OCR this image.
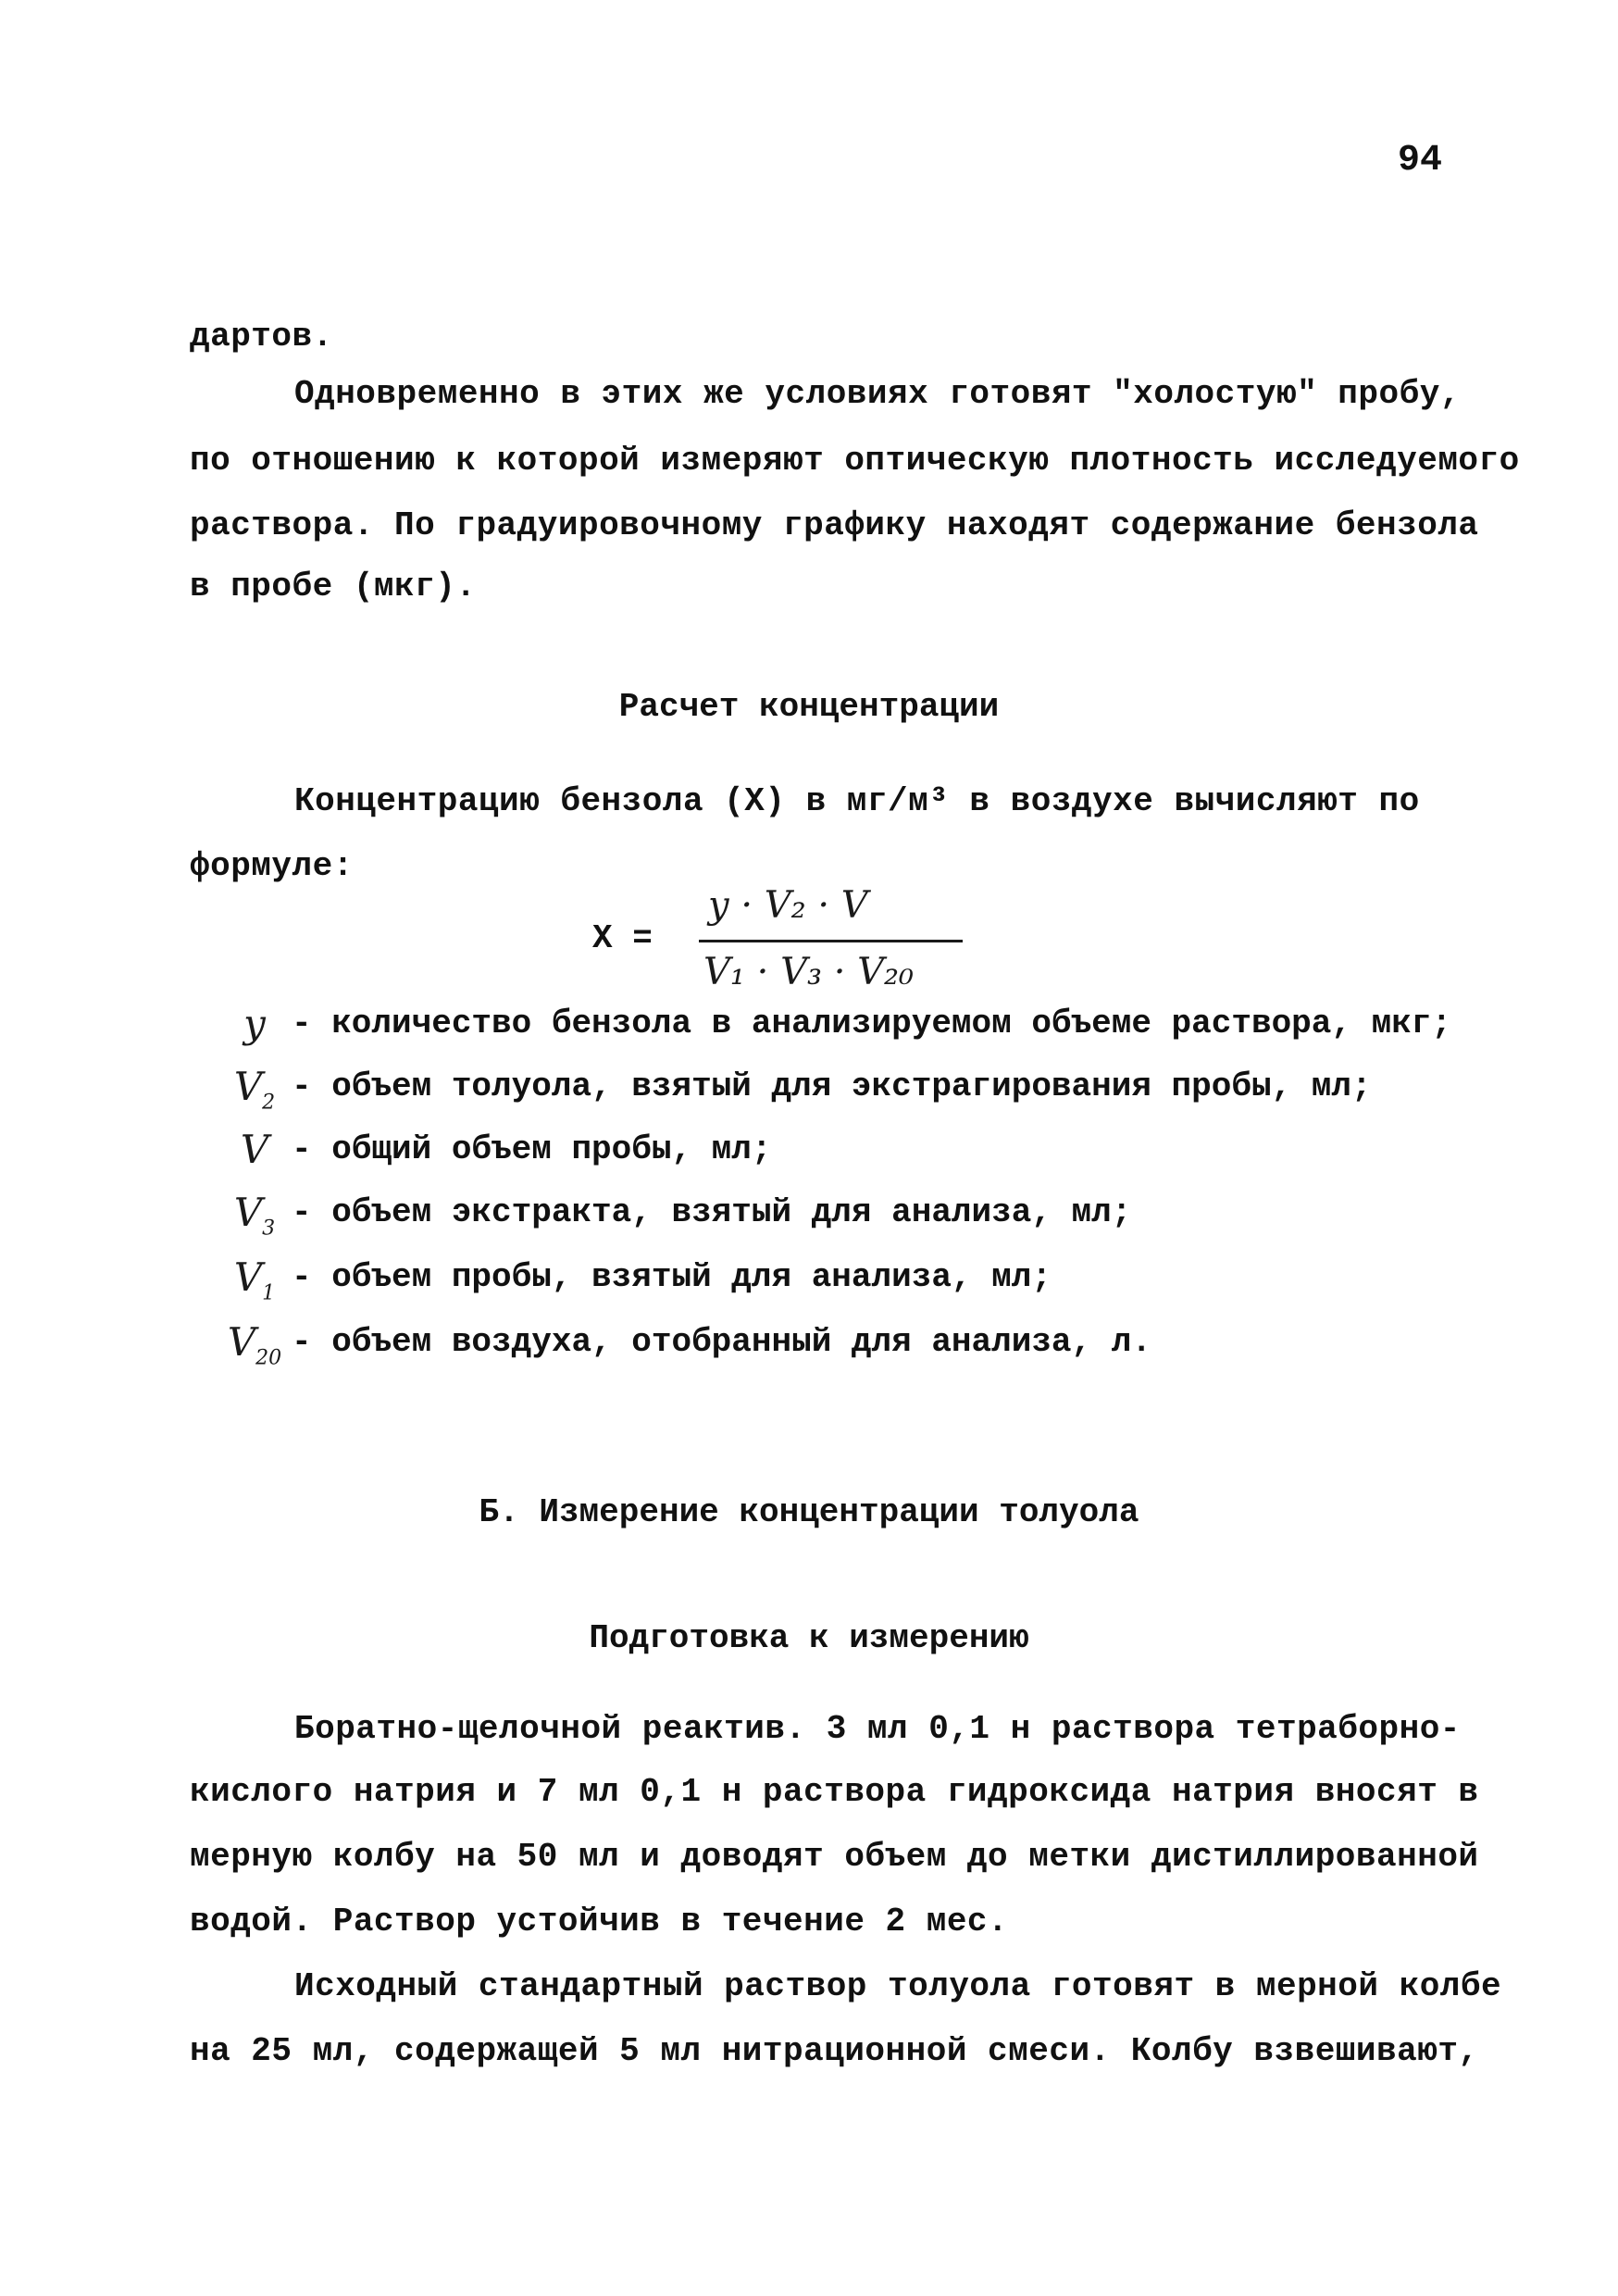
94
дартов.
Одновременно в этих же условиях готовят "холостую" пробу,
по отношению к которой измеряют оптическую плотность исследуемого
раствора. По градуировочному графику находят содержание бензола
в пробе (мкг).
Расчет концентрации
Концентрацию бензола (X) в мг/м³ в воздухе вычисляют по
формуле:
X =
y · V₂ · V
V₁ · V₃ · V₂₀
y - количество бензола в анализируемом объеме раствора, мкг;
$V_2$ - объем толуола, взятый для экстрагирования пробы, мл;
V - общий объем пробы, мл;
$V_3$ - объем экстракта, взятый для анализа, мл;
$V_1$ - объем пробы, взятый для анализа, мл;
$V_{20}$ - объем воздуха, отобранный для анализа, л.
Б. Измерение концентрации толуола
Подготовка к измерению
Боратно-щелочной реактив. 3 мл 0,1 н раствора тетраборно-
кислого натрия и 7 мл 0,1 н раствора гидроксида натрия вносят в
мерную колбу на 50 мл и доводят объем до метки дистиллированной
водой. Раствор устойчив в течение 2 мес.
Исходный стандартный раствор толуола готовят в мерной колбе
на 25 мл, содержащей 5 мл нитрационной смеси. Колбу взвешивают,
